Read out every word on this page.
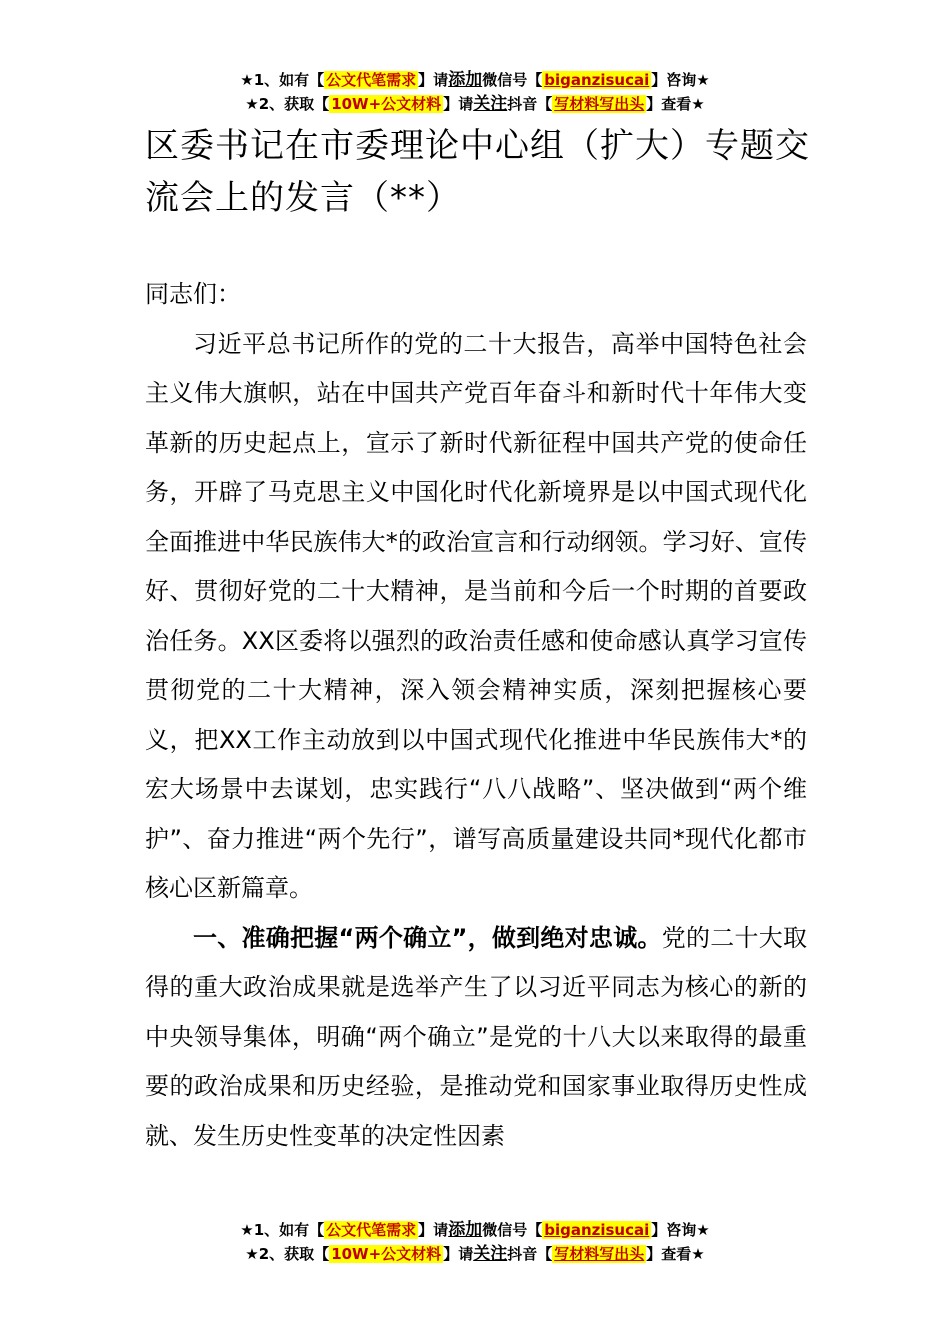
★1、如有【 公文代笔需求 】请添加微信号【 biganzisucai 】咨询★
★2、获取【 10W+公文材料 】请关注抖音【 写材料写出头 】查看★
区委书记在市委理论中心组（扩大）专题交流会上的发言（**）

同志们：

习近平总书记所作的党的二十大报告，高举中国特色社会主义伟大旗帜，站在中国共产党百年奋斗和新时代十年伟大变革新的历史起点上，宣示了新时代新征程中国共产党的使命任务，开辟了马克思主义中国化时代化新境界是以中国式现代化全面推进中华民族伟大*的政治宣言和行动纲领。学习好、宣传好、贯彻好党的二十大精神，是当前和今后一个时期的首要政治任务。XX区委将以强烈的政治责任感和使命感认真学习宣传贯彻党的二十大精神，深入领会精神实质，深刻把握核心要义，把XX工作主动放到以中国式现代化推进中华民族伟大*的宏大场景中去谋划，忠实践行“八八战略”、坚决做到“两个维护”、奋力推进“两个先行”，谱写高质量建设共同*现代化都市核心区新篇章。

一、准确把握“两个确立”，做到绝对忠诚。党的二十大取得的重大政治成果就是选举产生了以习近平同志为核心的新的中央领导集体，明确“两个确立”是党的十八大以来取得的最重要的政治成果和历史经验，是推动党和国家事业取得历史性成就、发生历史性变革的决定性因素

★1、如有【 公文代笔需求 】请添加微信号【 biganzisucai 】咨询★
★2、获取【 10W+公文材料 】请关注抖音【 写材料写出头 】查看★
